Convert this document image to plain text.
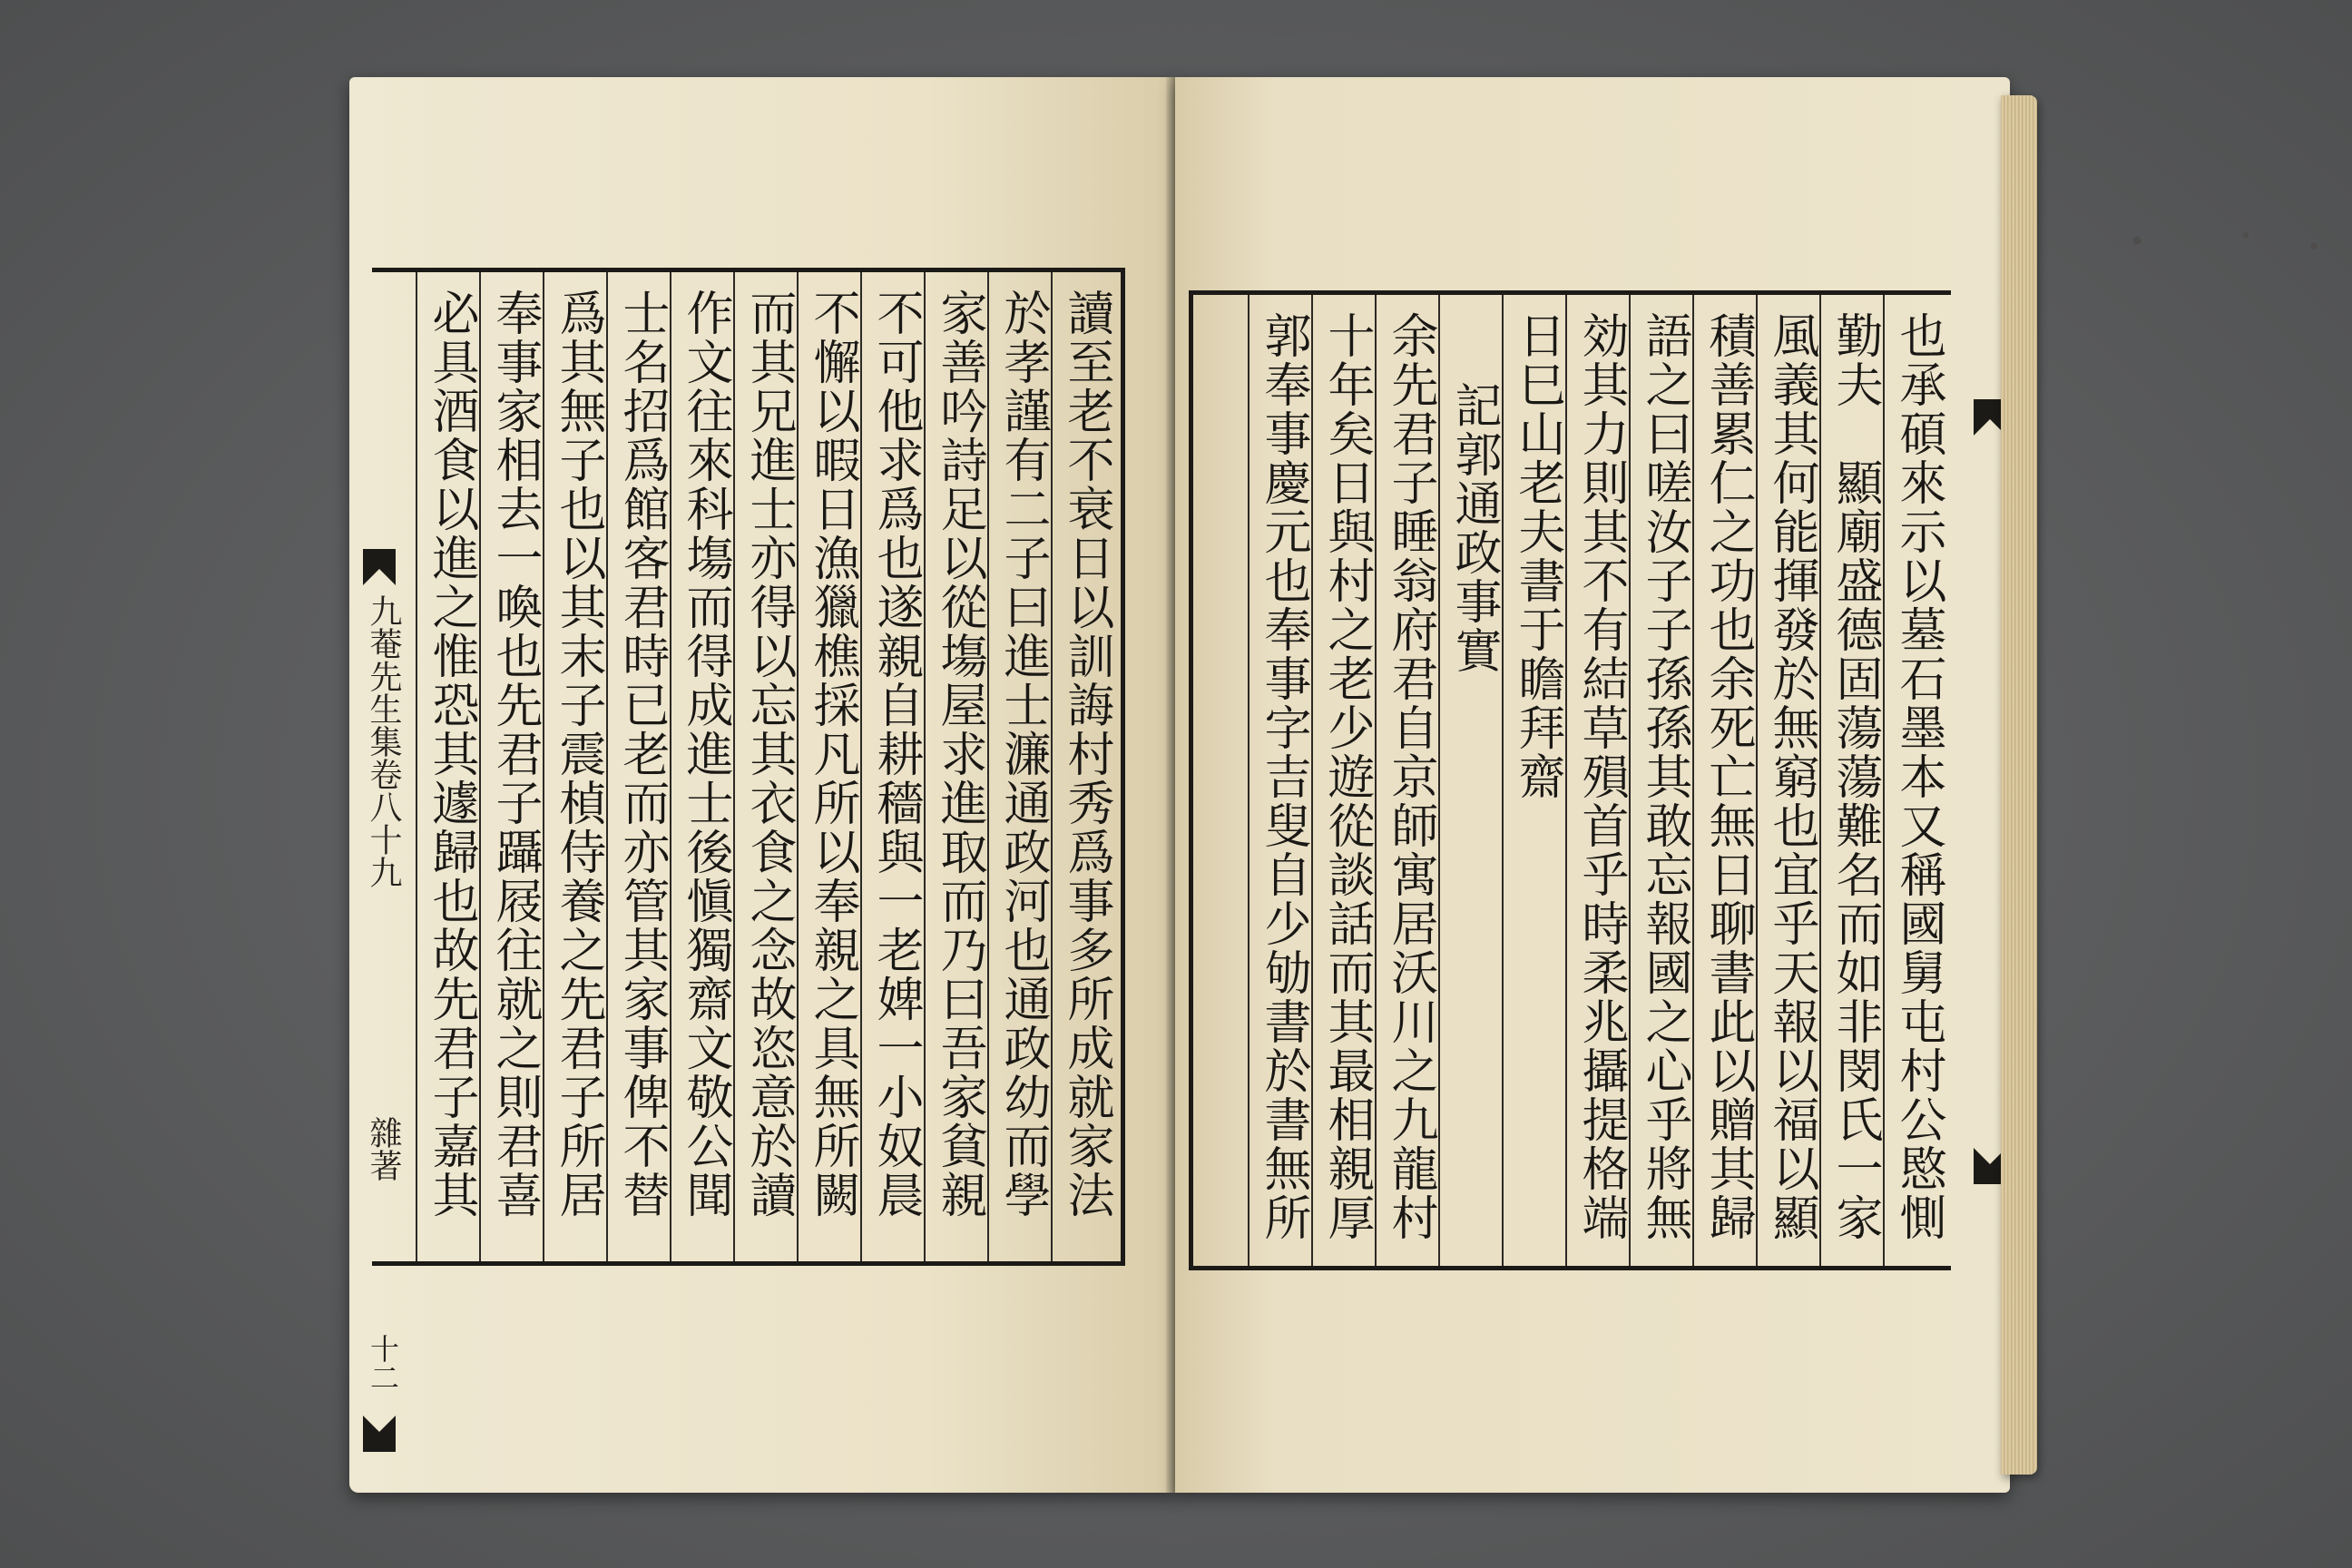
九菴先生集卷八十九
雜著
十二
讀至老不衰日以訓誨村秀爲事多所成就家法
於孝謹有二子曰進士濂通政河也通政幼而學
家善吟詩足以從塲屋求進取而乃曰吾家貧親
不可他求爲也遂親自耕穡與一老婢一小奴晨
不懈以暇日漁獵樵採凡所以奉親之具無所闕
而其兄進士亦得以忘其衣食之念故恣意於讀
作文往來科塲而得成進士後愼獨齋文敬公聞
士名招爲館客君時已老而亦管其家事俾不替
爲其無子也以其末子震楨侍養之先君子所居
奉事家相去一喚也先君子躡屐往就之則君喜
必具酒食以進之惟恐其遽歸也故先君子嘉其
也承碩來示以墓石墨本又稱國舅屯村公愍惻
勤夫　顯廟盛德固蕩蕩難名而如非閔氏一家
風義其何能揮發於無窮也宜乎天報以福以顯
積善累仁之功也余死亡無日聊書此以贈其歸
語之曰嗟汝子子孫孫其敢忘報國之心乎將無
効其力則其不有結草殞首乎時柔兆攝提格端
日巳山老夫書于瞻拜齋
記郭通政事實
余先君子睡翁府君自京師寓居沃川之九龍村
十年矣日與村之老少遊從談話而其最相親厚
郭奉事慶元也奉事字吉叟自少劬書於書無所
